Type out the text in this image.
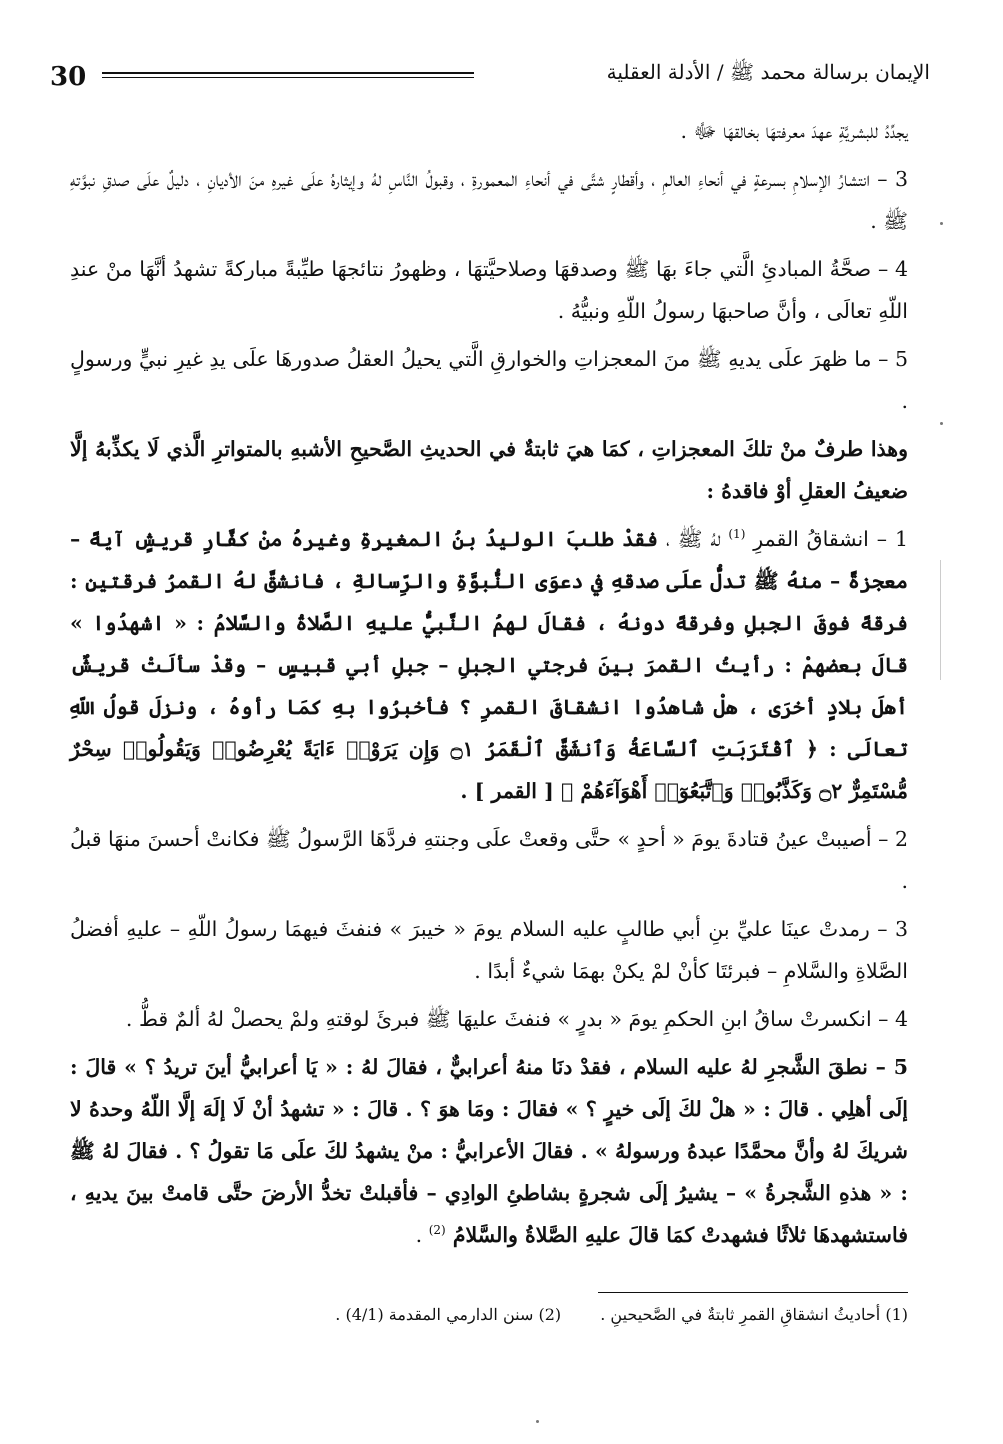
30	الإيمان برسالة محمد ﷺ / الأدلة العقلية

يجدِّدُ للبشريَّةِ عهدَ معرفتهَا بخالقهَا ﷻ .

3 – انتشارُ الإسلامِ بسرعةٍ في أنحاءِ العالمِ ، وأقطارٍ شتَّى في أنحاءِ المعمورةِ ، وقبولُ النَّاسِ لهُ وإيثارهُ علَى غيرهِ منَ الأديانِ ، دليلٌ علَى صدقِ نبوَّتهِ ﷺ .

4 – صحَّةُ المبادئِ الَّتي جاءَ بهَا ﷺ وصدقهَا وصلاحيَّتهَا ، وظهورُ نتائجهَا طيِّبةً مباركةً تشهدُ أنَّهَا منْ عندِ اللّهِ تعالَى ، وأنَّ صاحبهَا رسولُ اللّهِ ونبيُّهُ .

5 – ما ظهرَ علَى يديهِ ﷺ منَ المعجزاتِ والخوارقِ الَّتي يحيلُ العقلُ صدورهَا علَى يدِ غيرِ نبيٍّ ورسولٍ .

وهذا طرفٌ منْ تلكَ المعجزاتِ ، كمَا هيَ ثابتةٌ في الحديثِ الصَّحيحِ الأشبهِ بالمتواترِ الَّذي لَا يكذِّبهُ إلَّا ضعيفُ العقلِ أوْ فاقدهُ :

1 – انشقاقُ القمرِ $^{(1)}$ لهُ ﷺ ، فقدْ طلبَ الوليدُ بنُ المغيرةِ وغيرهُ منْ كفَّارِ قريشٍ آيةً – معجزةً – منهُ ﷺ تدلُّ علَى صدقهِ في دعوَى النُّبوَّةِ والرِّسالةِ ، فانشقَّ لهُ القمرُ فرقتينِ : فرقةً فوقَ الجبلِ وفرقةً دونهُ ، فقالَ لهمُ النَّبيُّ عليهِ الصَّلاةُ والسَّلامُ : « اشهدُوا » قالَ بعضهمْ : رأيتُ القمرَ بينَ فرجتي الجبلِ – جبلِ أبي قبيسٍ – وقدْ سألَتْ قريشٌ أهلَ بلادٍ أخرَى ، هلْ شاهدُوا انشقاقَ القمرِ ؟ فأخبرُوا بهِ كمَا رأوهُ ، ونزلَ قولُ اللّهِ تعالَى : ﴿ ٱقْتَرَبَتِ ٱلسَّاعَةُ وَٱنشَقَّ ٱلْقَمَرُ ۝١ وَإِن يَرَوْا۟ ءَايَةً يُعْرِضُوا۟ وَيَقُولُوا۟ سِحْرٌ مُّسْتَمِرٌّ ۝٢ وَكَذَّبُوا۟ وَٱتَّبَعُوٓا۟ أَهْوَآءَهُمْ ﴾ [ القمر ] .

2 – أصيبتْ عينُ قتادةَ يومَ « أحدٍ » حتَّى وقعتْ علَى وجنتهِ فردَّهَا الرَّسولُ ﷺ فكانتْ أحسنَ منهَا قبلُ .

3 – رمدتْ عينَا عليِّ بنِ أبي طالبٍ عليه السلام يومَ « خيبرَ » فنفثَ فيهمَا رسولُ اللّهِ – عليهِ أفضلُ الصَّلاةِ والسَّلامِ – فبرئتَا كأنْ لمْ يكنْ بهمَا شيءٌ أبدًا .

4 – انكسرتْ ساقُ ابنِ الحكمِ يومَ « بدرٍ » فنفثَ عليهَا ﷺ فبرئَ لوقتهِ ولمْ يحصلْ لهُ ألمٌ قطُّ .

5 – نطقَ الشَّجرِ لهُ عليه السلام ، فقدْ دنَا منهُ أعرابيٌّ ، فقالَ لهُ : « يَا أعرابيُّ أينَ تريدُ ؟ » قالَ : إلَى أهلِي . قالَ : « هلْ لكَ إلَى خيرٍ ؟ » فقالَ : ومَا هوَ ؟ . قالَ : « تشهدُ أنْ لَا إلَهَ إلَّا اللّهُ وحدهُ لا شريكَ لهُ وأنَّ محمَّدًا عبدهُ ورسولهُ » . فقالَ الأعرابيُّ : منْ يشهدُ لكَ علَى مَا تقولُ ؟ . فقالَ لهُ ﷺ : « هذهِ الشَّجرةُ » – يشيرُ إلَى شجرةٍ بشاطئِ الوادِي – فأقبلتْ تخدُّ الأرضَ حتَّى قامتْ بينَ يديهِ ، فاستشهدهَا ثلاثًا فشهدتْ كمَا قالَ عليهِ الصَّلاةُ والسَّلامُ $^{(2)}$ .

(1) أحاديثُ انشقاقِ القمرِ ثابتةٌ في الصَّحيحينِ . (2) سنن الدارمي المقدمة (4/1) .
